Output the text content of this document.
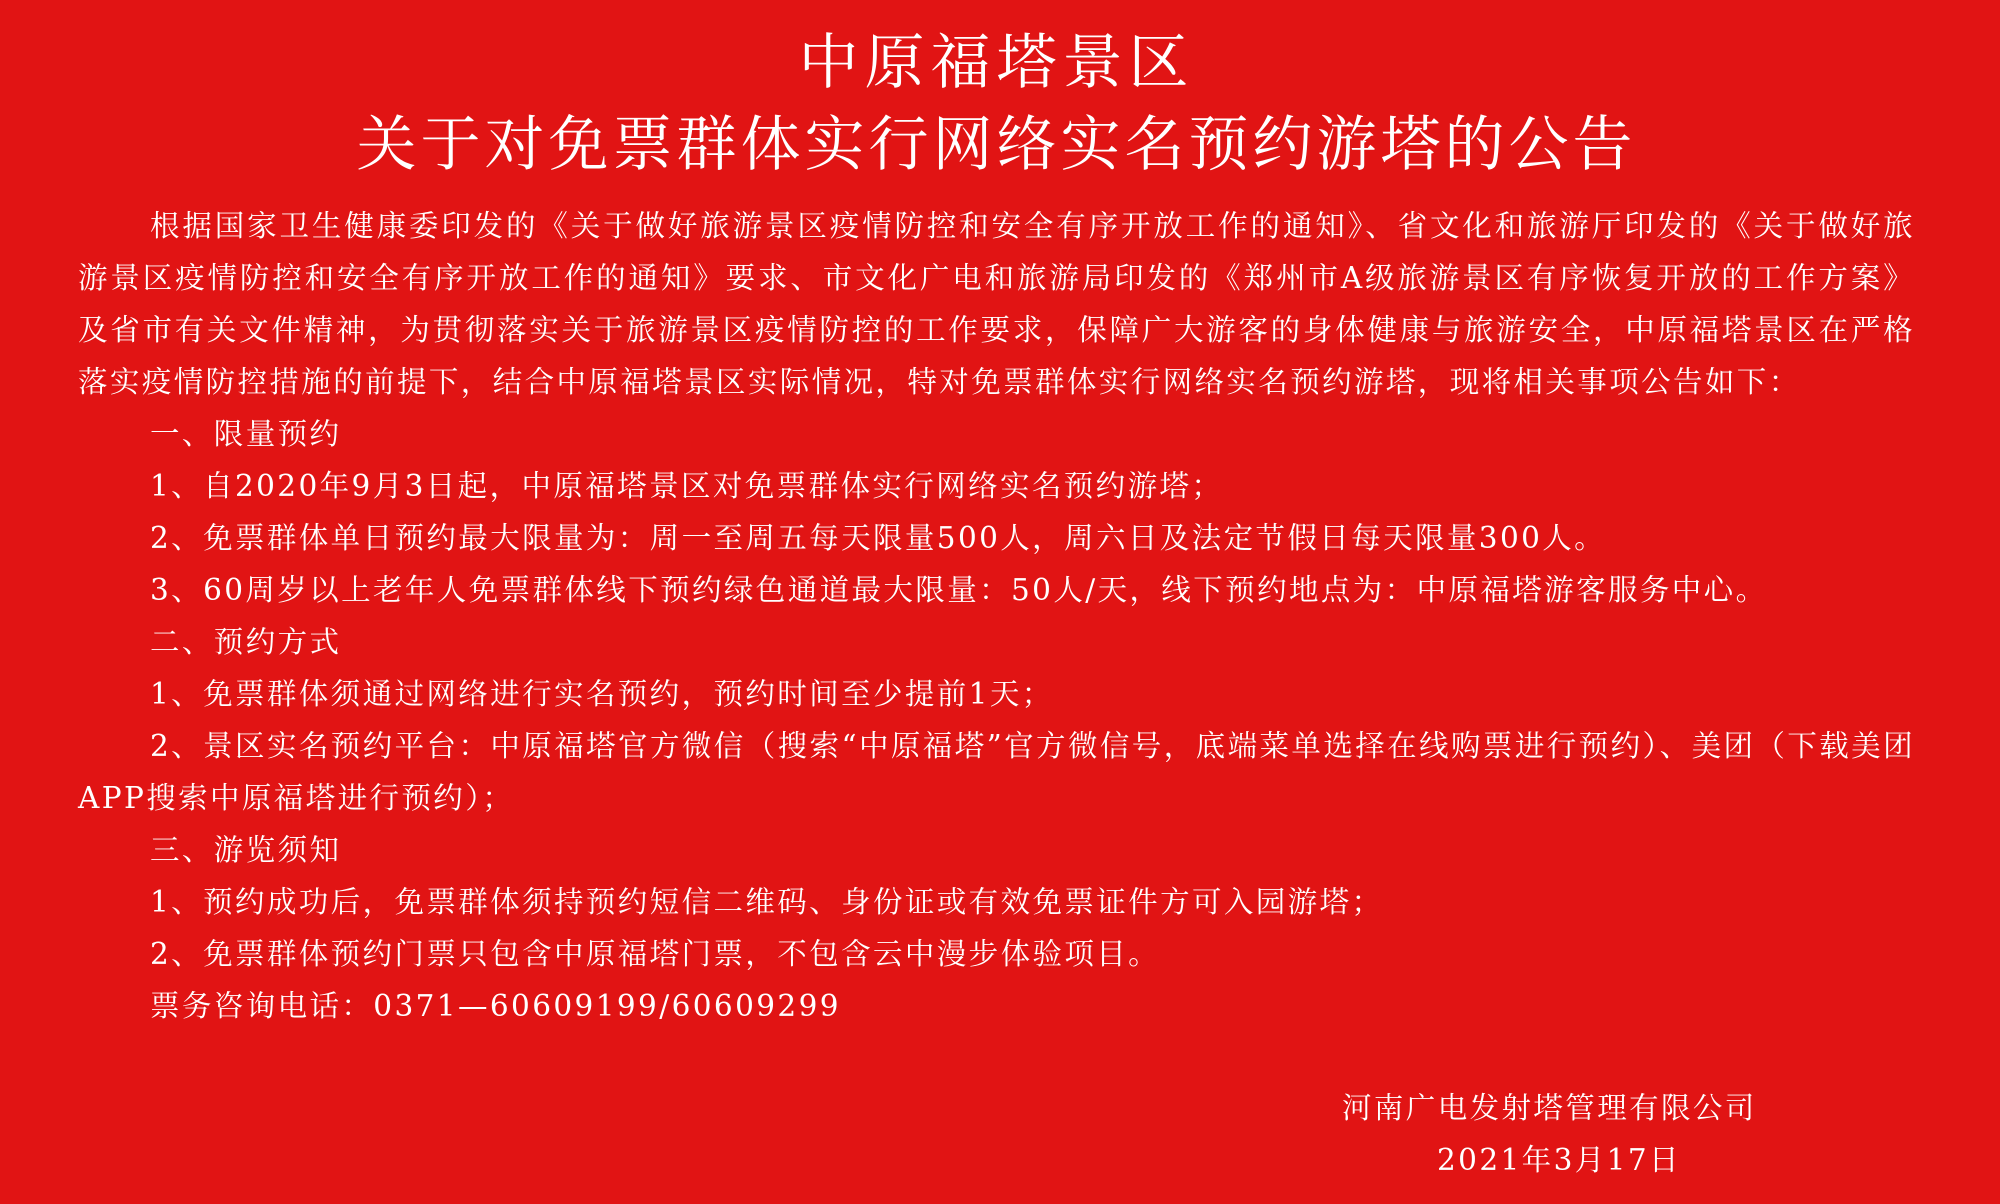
中原福塔景区
关于对免票群体实行网络实名预约游塔的公告

根据国家卫生健康委印发的《关于做好旅游景区疫情防控和安全有序开放工作的通知》、省文化和旅游厅印发的《关于做好旅游景区疫情防控和安全有序开放工作的通知》要求、市文化广电和旅游局印发的《郑州市A级旅游景区有序恢复开放的工作方案》及省市有关文件精神，为贯彻落实关于旅游景区疫情防控的工作要求，保障广大游客的身体健康与旅游安全，中原福塔景区在严格落实疫情防控措施的前提下，结合中原福塔景区实际情况，特对免票群体实行网络实名预约游塔，现将相关事项公告如下：

一、限量预约

1、自2020年9月3日起，中原福塔景区对免票群体实行网络实名预约游塔；

2、免票群体单日预约最大限量为：周一至周五每天限量500人，周六日及法定节假日每天限量300人。

3、60周岁以上老年人免票群体线下预约绿色通道最大限量：50人/天，线下预约地点为：中原福塔游客服务中心。

二、预约方式

1、免票群体须通过网络进行实名预约，预约时间至少提前1天；

2、景区实名预约平台：中原福塔官方微信（搜索“中原福塔”官方微信号，底端菜单选择在线购票进行预约）、美团（下载美团APP搜索中原福塔进行预约）；

三、游览须知

1、预约成功后，免票群体须持预约短信二维码、身份证或有效免票证件方可入园游塔；

2、免票群体预约门票只包含中原福塔门票，不包含云中漫步体验项目。

票务咨询电话：0371—60609199/60609299

河南广电发射塔管理有限公司
2021年3月17日
